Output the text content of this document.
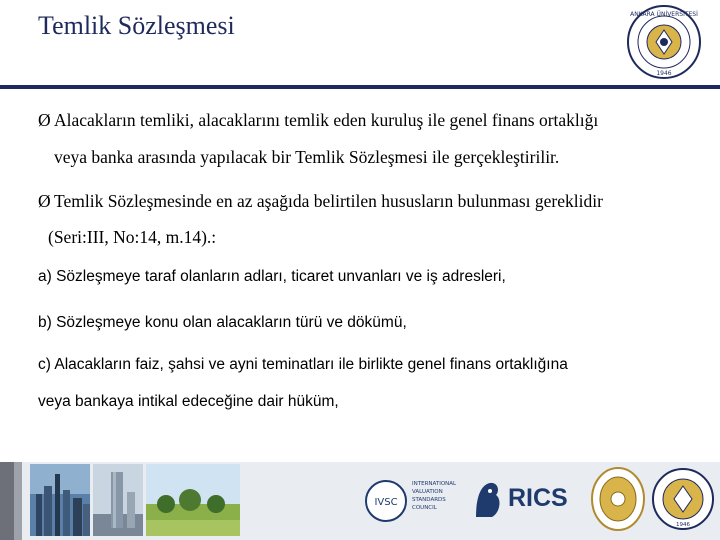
Temlik Sözleşmesi	ANKARA ÜNİVERSİTESİ
1946
Ø Alacakların temliki, alacaklarını temlik eden kuruluş ile genel finans ortaklığı
veya banka arasında yapılacak bir Temlik Sözleşmesi ile gerçekleştirilir.
Ø Temlik Sözleşmesinde en az aşağıda belirtilen hususların bulunması gereklidir
(Seri:III, No:14, m.14).:
a) Sözleşmeye taraf olanların adları, ticaret unvanları ve iş adresleri,
b) Sözleşmeye konu olan alacakların türü ve dökümü,
c) Alacakların faiz, şahsi ve ayni teminatları ile birlikte genel finans ortaklığına
veya bankaya intikal edeceğine dair hüküm,
IVSC
INTERNATIONAL
VALUATION
STANDARDS
COUNCIL	RICS
1946
